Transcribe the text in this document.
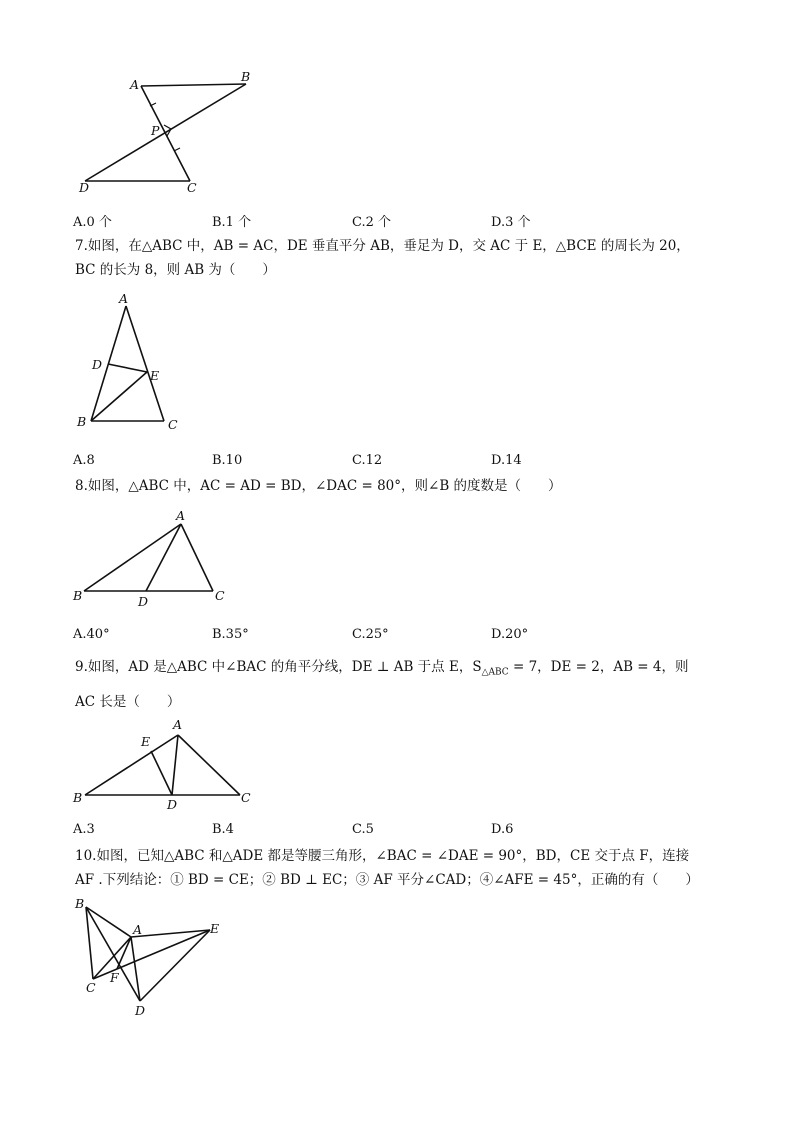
A
B
P
D	C
A.0 个	B.1 个	C.2 个	D.3 个
7.如图，在△ABC 中，AB = AC，DE 垂直平分 AB，垂足为 D，交 AC 于 E，△BCE 的周长为 20，
BC 的长为 8，则 AB 为（　　）
A
D
E
B	C
A.8	B.10	C.12	D.14
8.如图，△ABC 中，AC = AD = BD，∠DAC = 80°，则∠B 的度数是（　　）
A
B	D	C
A.40°	B.35°	C.25°	D.20°
9.如图，AD 是△ABC 中∠BAC 的角平分线，DE ⊥ AB 于点 E，$S_{\triangle ABC} = 7$，DE = 2，AB = 4，则
AC 长是（　　）
A
E
B	D	C
A.3	B.4	C.5	D.6
10.如图，已知△ABC 和△ADE 都是等腰三角形，∠BAC = ∠DAE = 90°，BD，CE 交于点 F，连接
AF .下列结论：① BD = CE；② BD ⊥ EC；③ AF 平分∠CAD；④∠AFE = 45°，正确的有（　　）
B
A	E
C
F
D
